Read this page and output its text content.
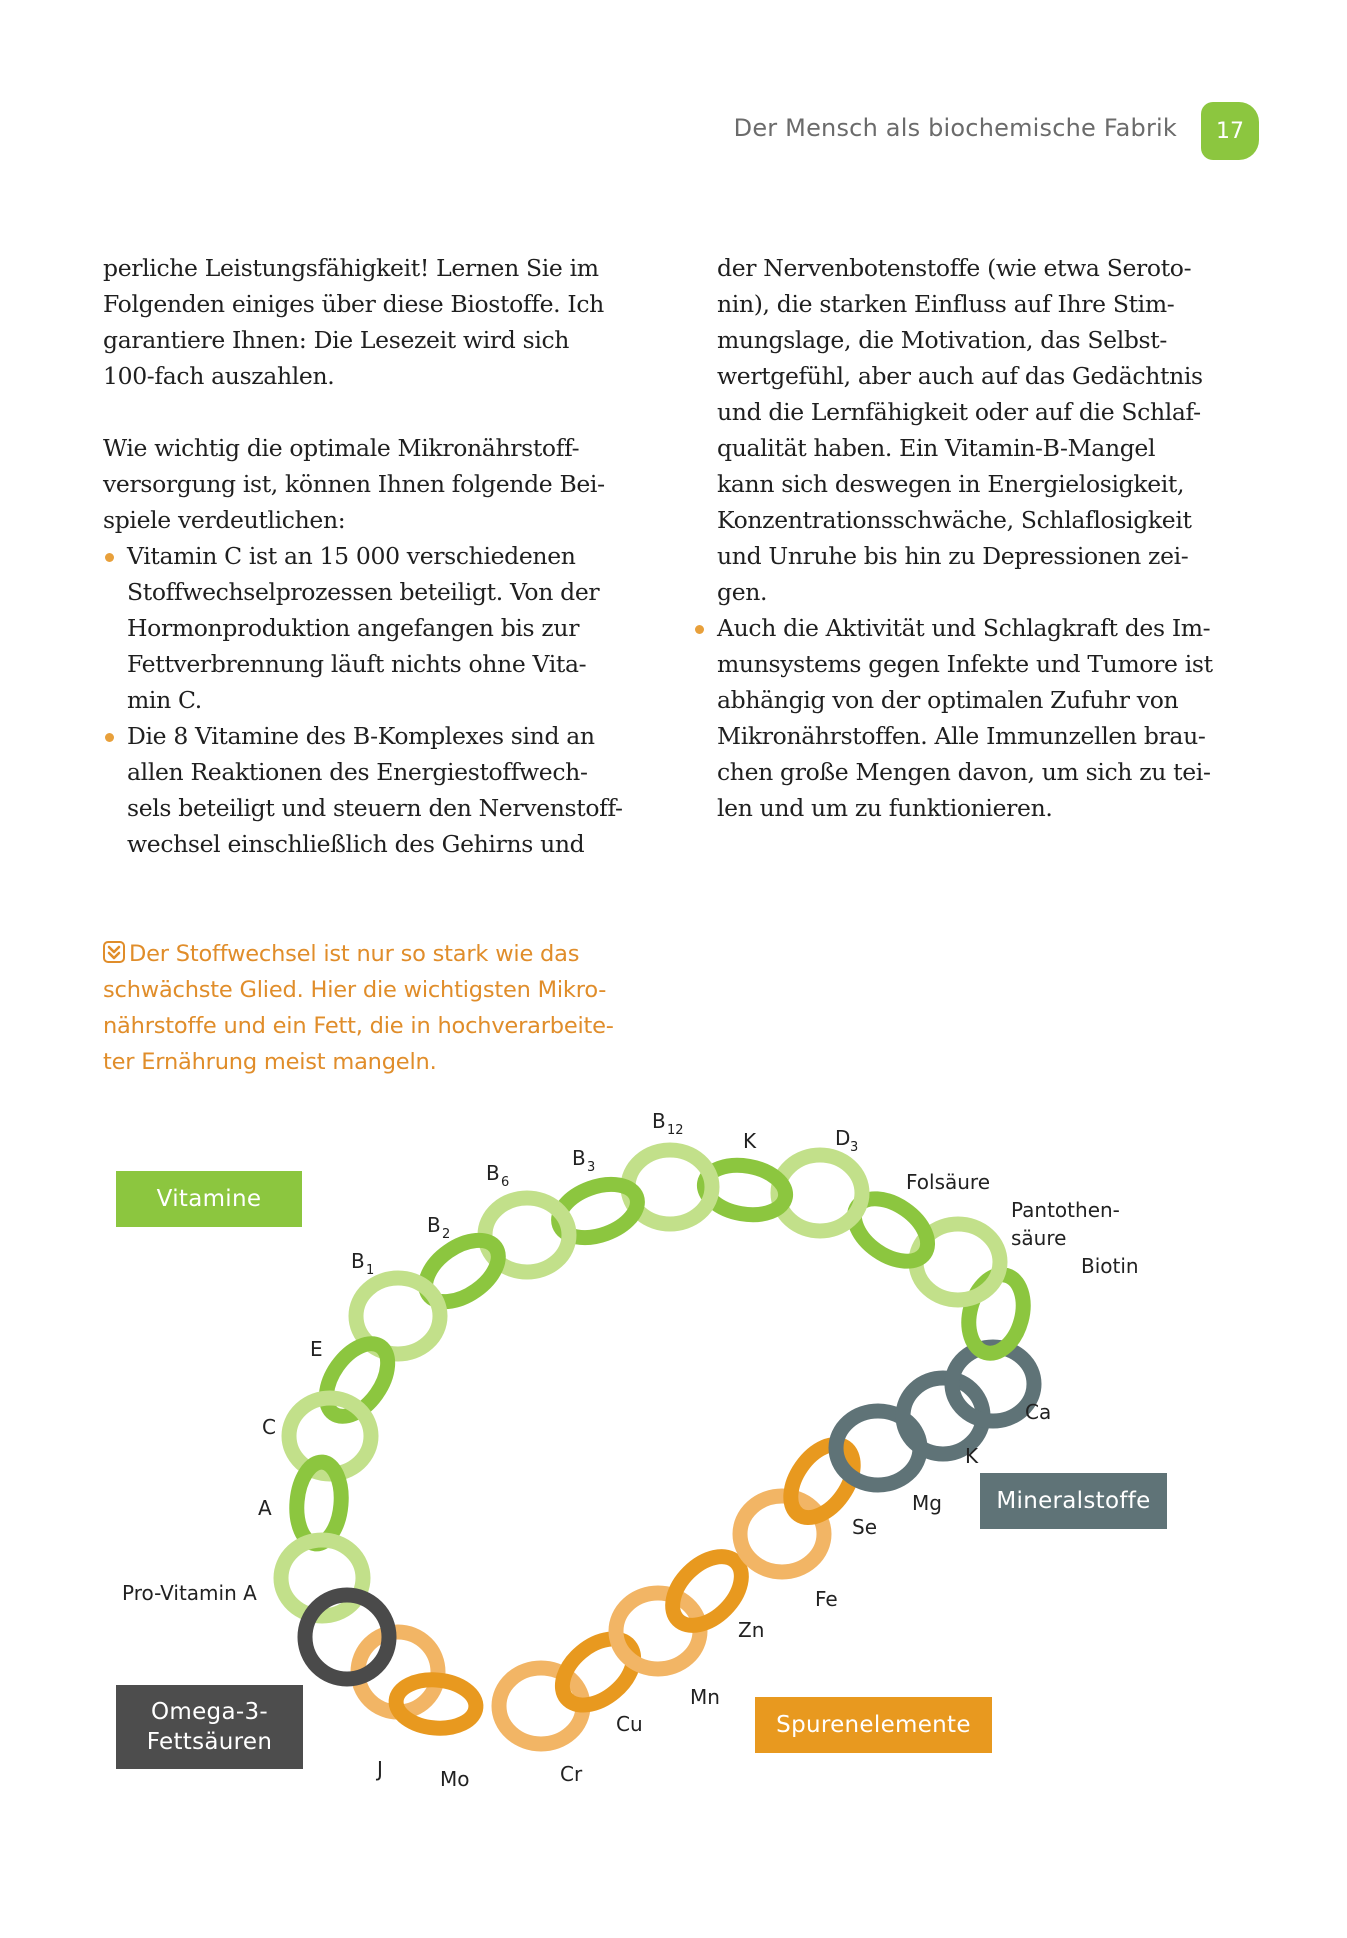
Der Mensch als biochemische Fabrik	17

perliche Leistungsfähigkeit! Lernen Sie im
Folgenden einiges über diese Biostoffe. Ich
garantiere Ihnen: Die Lesezeit wird sich
100-fach auszahlen.

Wie wichtig die optimale Mikronährstoff-
versorgung ist, können Ihnen folgende Bei-
spiele verdeutlichen:

Vitamin C ist an 15 000 verschiedenen
Stoffwechselprozessen beteiligt. Von der
Hormonproduktion angefangen bis zur
Fettverbrennung läuft nichts ohne Vita-
min C.
Die 8 Vitamine des B-Komplexes sind an
allen Reaktionen des Energiestoffwech-
sels beteiligt und steuern den Nervenstoff-
wechsel einschließlich des Gehirns und
der Nervenbotenstoffe (wie etwa Seroto-
nin), die starken Einfluss auf Ihre Stim-
mungslage, die Motivation, das Selbst-
wertgefühl, aber auch auf das Gedächtnis
und die Lernfähigkeit oder auf die Schlaf-
qualität haben. Ein Vitamin-B-Mangel
kann sich deswegen in Energielosigkeit,
Konzentrationsschwäche, Schlaflosigkeit
und Unruhe bis hin zu Depressionen zei-
gen.
Auch die Aktivität und Schlagkraft des Im-
munsystems gegen Infekte und Tumore ist
abhängig von der optimalen Zufuhr von
Mikronährstoffen. Alle Immunzellen brau-
chen große Mengen davon, um sich zu tei-
len und um zu funktionieren.
Der Stoffwechsel ist nur so stark wie das
schwächste Glied. Hier die wichtigsten Mikro-
nährstoffe und ein Fett, die in hochverarbeite-
ter Ernährung meist mangeln.
Pro-Vitamin A
A
C
E
B 1
B 2
B 6
B 3
B 12	K	D 3
Folsäure
Pantothen-
säure
Biotin
Ca
K
Mg
Se
Fe
Zn
Mn
Cu
Cr
Mo
J
Vitamine
Mineralstoffe
Spurenelemente
Omega-3-
Fettsäuren
